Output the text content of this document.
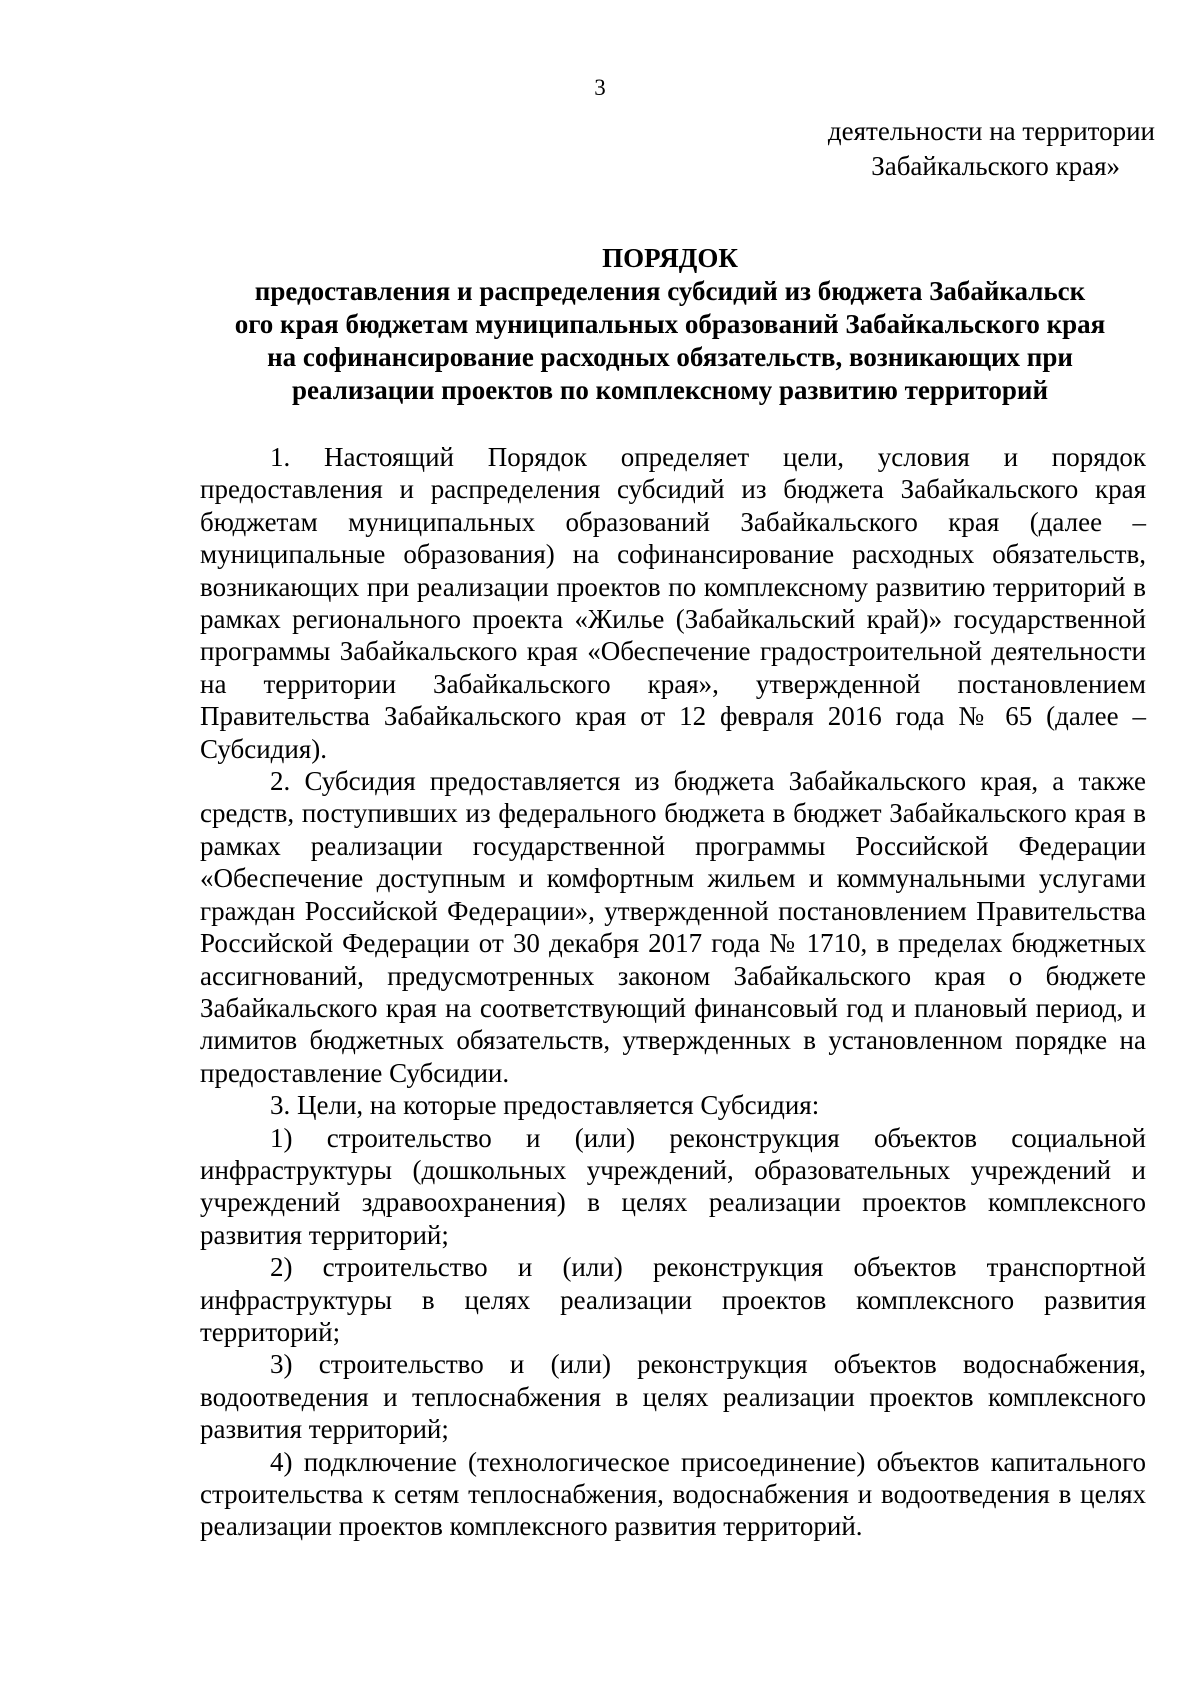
3
деятельности на территории
Забайкальского края»
ПОРЯДОК
предоставления и распределения субсидий из бюджета Забайкальск
ого края бюджетам муниципальных образований Забайкальского края
на софинансирование расходных обязательств, возникающих при
реализации проектов по комплексному развитию территорий

1. Настоящий Порядок определяет цели, условия и порядок предоставления и распределения субсидий из бюджета Забайкальского края бюджетам муниципальных образований Забайкальского края (далее – муниципальные образования) на софинансирование расходных обязательств, возникающих при реализации проектов по комплексному развитию территорий в рамках регионального проекта «Жилье (Забайкальский край)» государственной программы Забайкальского края «Обеспечение градостроительной деятельности на территории Забайкальского края», утвержденной постановлением Правительства Забайкальского края от 12 февраля 2016 года № 65 (далее – Субсидия).

2. Субсидия предоставляется из бюджета Забайкальского края, а также средств, поступивших из федерального бюджета в бюджет Забайкальского края в рамках реализации государственной программы Российской Федерации «Обеспечение доступным и комфортным жильем и коммунальными услугами граждан Российской Федерации», утвержденной постановлением Правительства Российской Федерации от 30 декабря 2017 года № 1710, в пределах бюджетных ассигнований, предусмотренных законом Забайкальского края о бюджете Забайкальского края на соответствующий финансовый год и плановый период, и лимитов бюджетных обязательств, утвержденных в установленном порядке на предоставление Субсидии.

3. Цели, на которые предоставляется Субсидия:

1) строительство и (или) реконструкция объектов социальной инфраструктуры (дошкольных учреждений, образовательных учреждений и учреждений здравоохранения) в целях реализации проектов комплексного развития территорий;

2) строительство и (или) реконструкция объектов транспортной инфраструктуры в целях реализации проектов комплексного развития территорий;

3) строительство и (или) реконструкция объектов водоснабжения, водоотведения и теплоснабжения в целях реализации проектов комплексного развития территорий;

4) подключение (технологическое присоединение) объектов капитального строительства к сетям теплоснабжения, водоснабжения и водоотведения в целях реализации проектов комплексного развития территорий.
